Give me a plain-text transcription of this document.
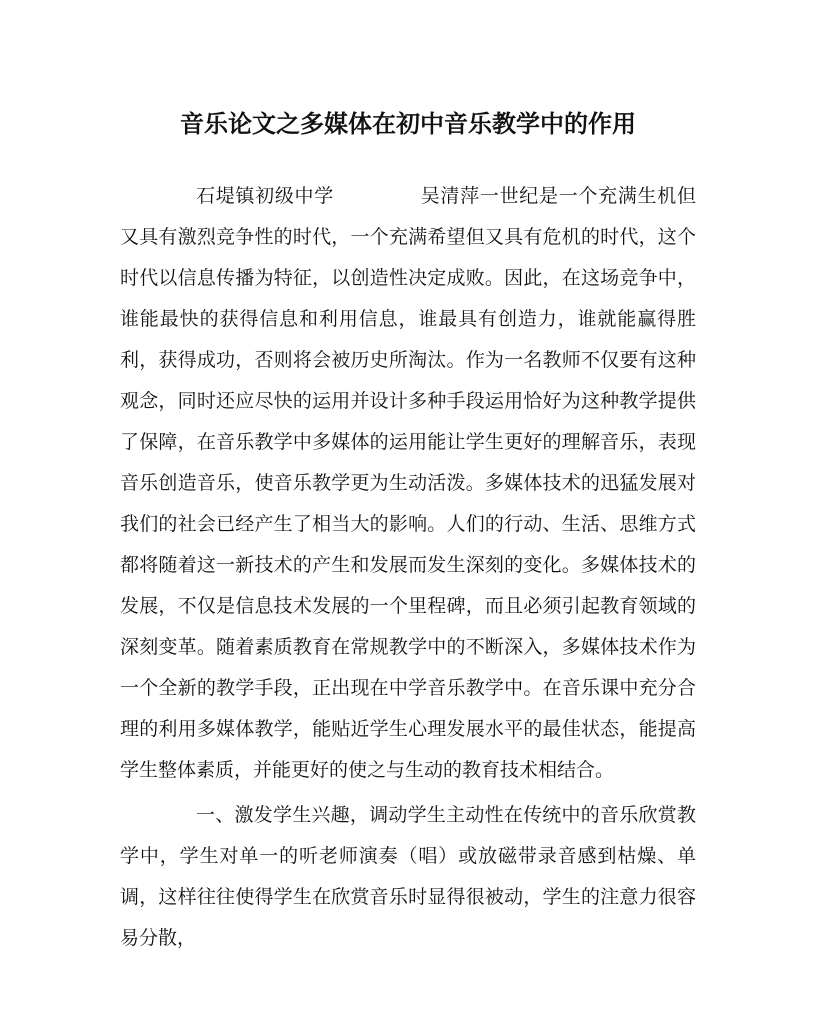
音乐论文之多媒体在初中音乐教学中的作用

石堤镇初级中学	吴清萍一世纪是一个充满生机但又具有激烈竞争性的时代，一个充满希望但又具有危机的时代，这个时代以信息传播为特征，以创造性决定成败。因此，在这场竞争中，谁能最快的获得信息和利用信息，谁最具有创造力，谁就能赢得胜利，获得成功，否则将会被历史所淘汰。作为一名教师不仅要有这种观念，同时还应尽快的运用并设计多种手段运用恰好为这种教学提供了保障，在音乐教学中多媒体的运用能让学生更好的理解音乐，表现音乐创造音乐，使音乐教学更为生动活泼。多媒体技术的迅猛发展对我们的社会已经产生了相当大的影响。人们的行动、生活、思维方式都将随着这一新技术的产生和发展而发生深刻的变化。多媒体技术的发展，不仅是信息技术发展的一个里程碑，而且必须引起教育领域的深刻变革。随着素质教育在常规教学中的不断深入，多媒体技术作为一个全新的教学手段，正出现在中学音乐教学中。在音乐课中充分合理的利用多媒体教学，能贴近学生心理发展水平的最佳状态，能提高学生整体素质，并能更好的使之与生动的教育技术相结合。

一、激发学生兴趣，调动学生主动性在传统中的音乐欣赏教学中，学生对单一的听老师演奏（唱）或放磁带录音感到枯燥、单调，这样往往使得学生在欣赏音乐时显得很被动，学生的注意力很容易分散，
